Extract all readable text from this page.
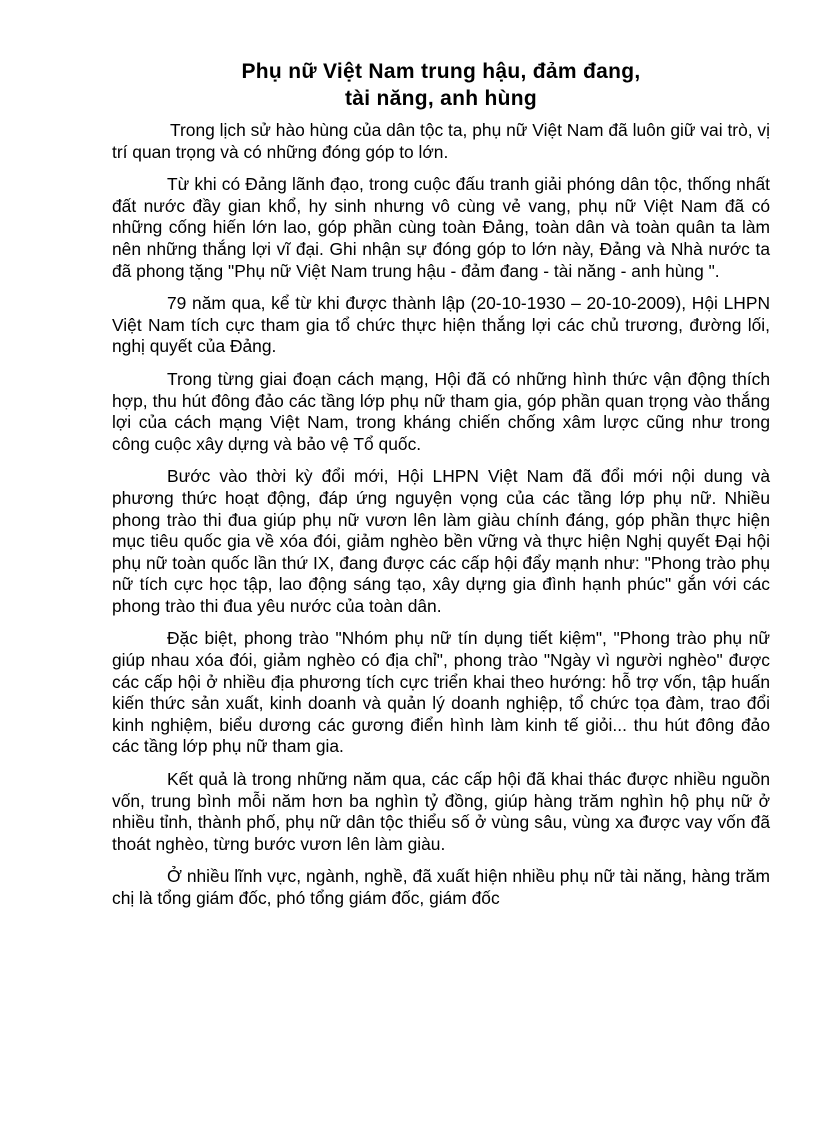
Phụ nữ Việt Nam trung hậu, đảm đang,
tài năng, anh hùng

Trong lịch sử hào hùng của dân tộc ta, phụ nữ Việt Nam đã luôn giữ vai trò, vị trí quan trọng và có những đóng góp to lớn.

Từ khi có Đảng lãnh đạo, trong cuộc đấu tranh giải phóng dân tộc, thống nhất đất nước đầy gian khổ, hy sinh nhưng vô cùng vẻ vang, phụ nữ Việt Nam đã có những cống hiến lớn lao, góp phần cùng toàn Đảng, toàn dân và toàn quân ta làm nên những thắng lợi vĩ đại. Ghi nhận sự đóng góp to lớn này, Đảng và Nhà nước ta đã phong tặng "Phụ nữ Việt Nam trung hậu - đảm đang - tài năng - anh hùng ".

79 năm qua, kể từ khi được thành lập (20-10-1930 – 20-10-2009), Hội LHPN Việt Nam tích cực tham gia tổ chức thực hiện thắng lợi các chủ trương, đường lối, nghị quyết của Đảng.

Trong từng giai đoạn cách mạng, Hội đã có những hình thức vận động thích hợp, thu hút đông đảo các tầng lớp phụ nữ tham gia, góp phần quan trọng vào thắng lợi của cách mạng Việt Nam, trong kháng chiến chống xâm lược cũng như trong công cuộc xây dựng và bảo vệ Tổ quốc.

Bước vào thời kỳ đổi mới, Hội LHPN Việt Nam đã đổi mới nội dung và phương thức hoạt động, đáp ứng nguyện vọng của các tầng lớp phụ nữ. Nhiều phong trào thi đua giúp phụ nữ vươn lên làm giàu chính đáng, góp phần thực hiện mục tiêu quốc gia về xóa đói, giảm nghèo bền vững và thực hiện Nghị quyết Đại hội phụ nữ toàn quốc lần thứ IX, đang được các cấp hội đẩy mạnh như: "Phong trào phụ nữ tích cực học tập, lao động sáng tạo, xây dựng gia đình hạnh phúc" gắn với các phong trào thi đua yêu nước của toàn dân.

Đặc biệt, phong trào "Nhóm phụ nữ tín dụng tiết kiệm", "Phong trào phụ nữ giúp nhau xóa đói, giảm nghèo có địa chỉ", phong trào "Ngày vì người nghèo" được các cấp hội ở nhiều địa phương tích cực triển khai theo hướng: hỗ trợ vốn, tập huấn kiến thức sản xuất, kinh doanh và quản lý doanh nghiệp, tổ chức tọa đàm, trao đổi kinh nghiệm, biểu dương các gương điển hình làm kinh tế giỏi... thu hút đông đảo các tầng lớp phụ nữ tham gia.

Kết quả là trong những năm qua, các cấp hội đã khai thác được nhiều nguồn vốn, trung bình mỗi năm hơn ba nghìn tỷ đồng, giúp hàng trăm nghìn hộ phụ nữ ở nhiều tỉnh, thành phố, phụ nữ dân tộc thiểu số ở vùng sâu, vùng xa được vay vốn đã thoát nghèo, từng bước vươn lên làm giàu.

Ở nhiều lĩnh vực, ngành, nghề, đã xuất hiện nhiều phụ nữ tài năng, hàng trăm chị là tổng giám đốc, phó tổng giám đốc, giám đốc
